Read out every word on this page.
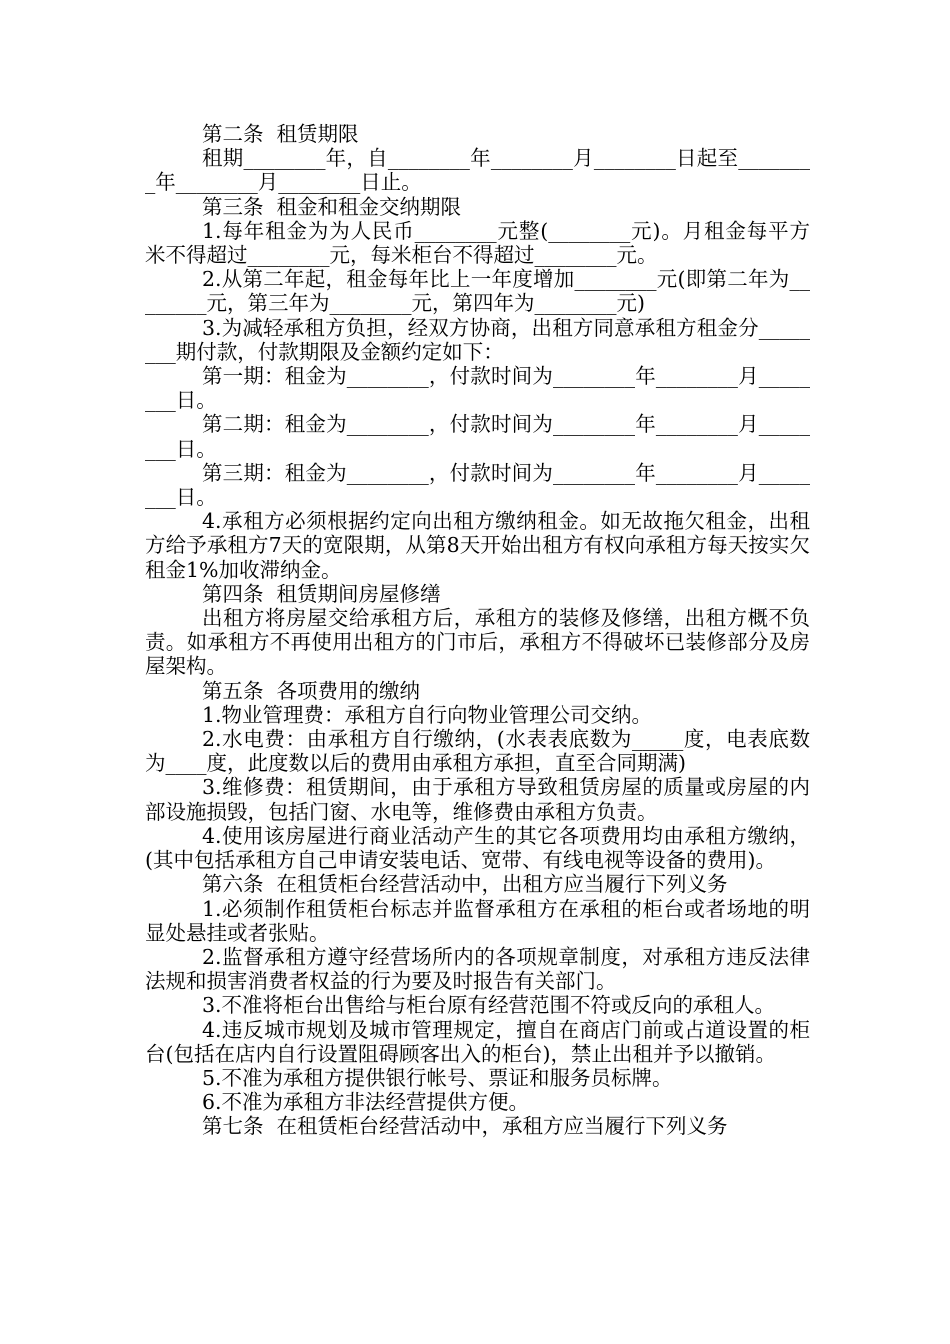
第二条  租赁期限

租期________年，自________年________月________日起至________年________月________日止。

第三条  租金和租金交纳期限

1.每年租金为为人民币________元整(________元)。月租金每平方米不得超过________元，每米柜台不得超过________元。

2.从第二年起，租金每年比上一年度增加________元(即第二年为________元，第三年为________元，第四年为________元)

3.为减轻承租方负担，经双方协商，出租方同意承租方租金分________期付款，付款期限及金额约定如下：

第一期：租金为________，付款时间为________年________月________日。

第二期：租金为________，付款时间为________年________月________日。

第三期：租金为________，付款时间为________年________月________日。

4.承租方必须根据约定向出租方缴纳租金。如无故拖欠租金，出租方给予承租方7天的宽限期，从第8天开始出租方有权向承租方每天按实欠租金1%加收滞纳金。

第四条  租赁期间房屋修缮

出租方将房屋交给承租方后，承租方的装修及修缮，出租方概不负责。如承租方不再使用出租方的门市后，承租方不得破坏已装修部分及房屋架构。

第五条  各项费用的缴纳

1.物业管理费：承租方自行向物业管理公司交纳。

2.水电费：由承租方自行缴纳，(水表表底数为_____度，电表底数为____度，此度数以后的费用由承租方承担，直至合同期满)

3.维修费：租赁期间，由于承租方导致租赁房屋的质量或房屋的内部设施损毁，包括门窗、水电等，维修费由承租方负责。

4.使用该房屋进行商业活动产生的其它各项费用均由承租方缴纳，(其中包括承租方自己申请安装电话、宽带、有线电视等设备的费用)。

第六条  在租赁柜台经营活动中，出租方应当履行下列义务

1.必须制作租赁柜台标志并监督承租方在承租的柜台或者场地的明显处悬挂或者张贴。

2.监督承租方遵守经营场所内的各项规章制度，对承租方违反法律法规和损害消费者权益的行为要及时报告有关部门。

3.不准将柜台出售给与柜台原有经营范围不符或反向的承租人。

4.违反城市规划及城市管理规定，擅自在商店门前或占道设置的柜台(包括在店内自行设置阻碍顾客出入的柜台)，禁止出租并予以撤销。

5.不准为承租方提供银行帐号、票证和服务员标牌。

6.不准为承租方非法经营提供方便。

第七条  在租赁柜台经营活动中，承租方应当履行下列义务
